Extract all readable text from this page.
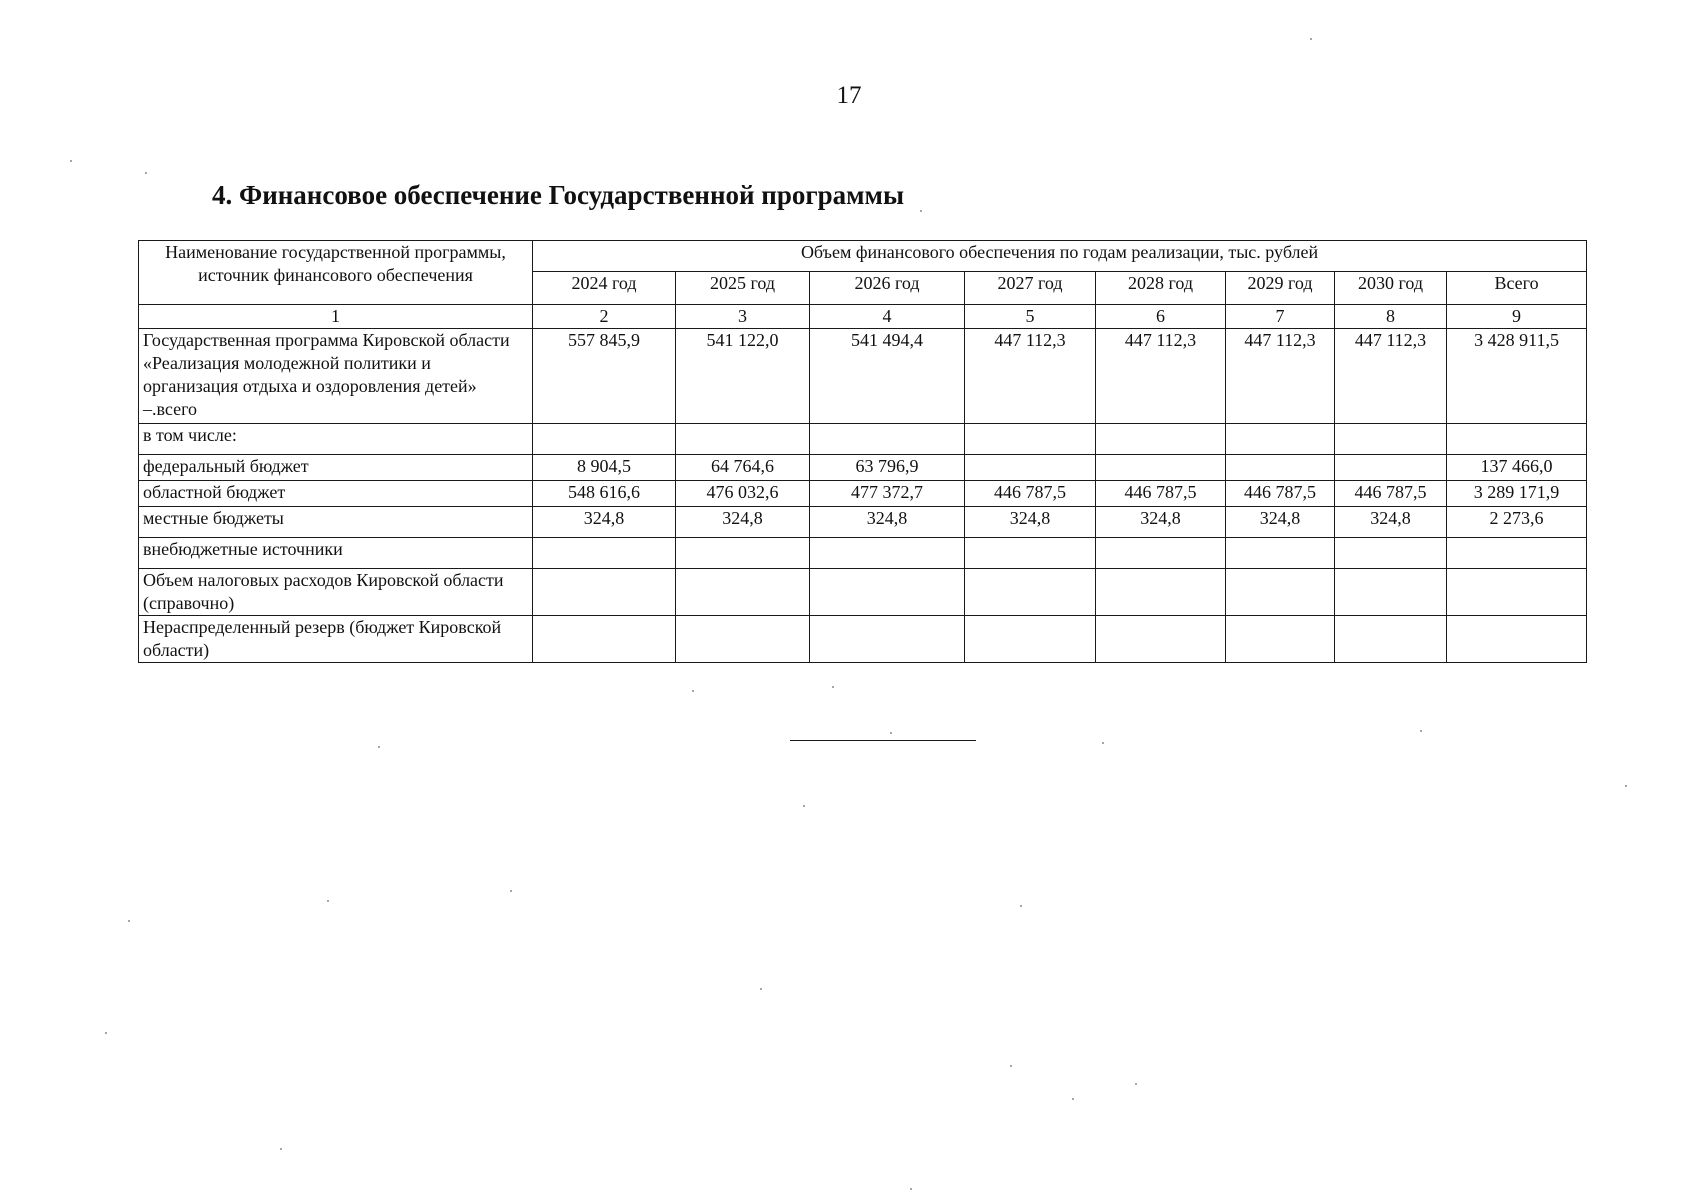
17
4. Финансовое обеспечение Государственной программы
Наименование государственной программы, источник финансового обеспечения	Объем финансового обеспечения по годам реализации, тыс. рублей							
	2024 год	2025 год	2026 год	2027 год	2028 год	2029 год	2030 год	Всего
1	2	3	4	5	6	7	8	9
Государственная программа Кировской области «Реализация молодежной политики и организация отдыха и оздоровления детей» –.всего	557 845,9	541 122,0	541 494,4	447 112,3	447 112,3	447 112,3	447 112,3	3 428 911,5
в том числе:								
федеральный бюджет	8 904,5	64 764,6	63 796,9					137 466,0
областной бюджет	548 616,6	476 032,6	477 372,7	446 787,5	446 787,5	446 787,5	446 787,5	3 289 171,9
местные бюджеты	324,8	324,8	324,8	324,8	324,8	324,8	324,8	2 273,6
внебюджетные источники								
Объем налоговых расходов Кировской области (справочно)								
Нераспределенный резерв (бюджет Кировской области)								
